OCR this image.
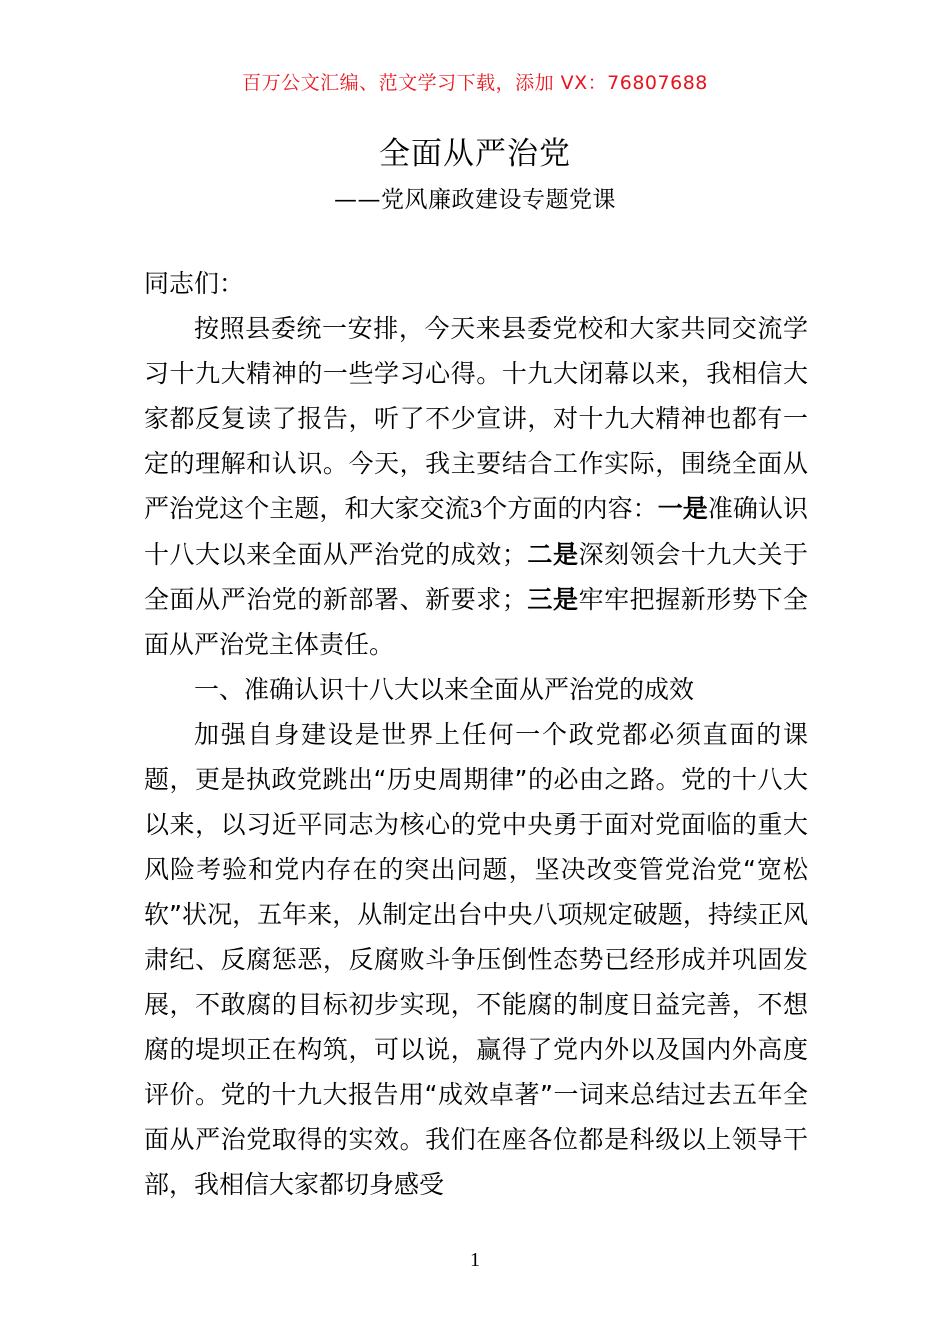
百万公文汇编、范文学习下载，添加 VX：76807688
全面从严治党
——党风廉政建设专题党课

同志们：

按照县委统一安排，今天来县委党校和大家共同交流学习十九大精神的一些学习心得。十九大闭幕以来，我相信大家都反复读了报告，听了不少宣讲，对十九大精神也都有一定的理解和认识。今天，我主要结合工作实际，围绕全面从严治党这个主题，和大家交流3个方面的内容：一是准确认识十八大以来全面从严治党的成效；二是深刻领会十九大关于全面从严治党的新部署、新要求；三是牢牢把握新形势下全面从严治党主体责任。

一、准确认识十八大以来全面从严治党的成效

加强自身建设是世界上任何一个政党都必须直面的课题，更是执政党跳出“历史周期律”的必由之路。党的十八大以来，以习近平同志为核心的党中央勇于面对党面临的重大风险考验和党内存在的突出问题，坚决改变管党治党“宽松软”状况，五年来，从制定出台中央八项规定破题，持续正风肃纪、反腐惩恶，反腐败斗争压倒性态势已经形成并巩固发展，不敢腐的目标初步实现，不能腐的制度日益完善，不想腐的堤坝正在构筑，可以说，赢得了党内外以及国内外高度评价。党的十九大报告用“成效卓著”一词来总结过去五年全面从严治党取得的实效。我们在座各位都是科级以上领导干部，我相信大家都切身感受

1
